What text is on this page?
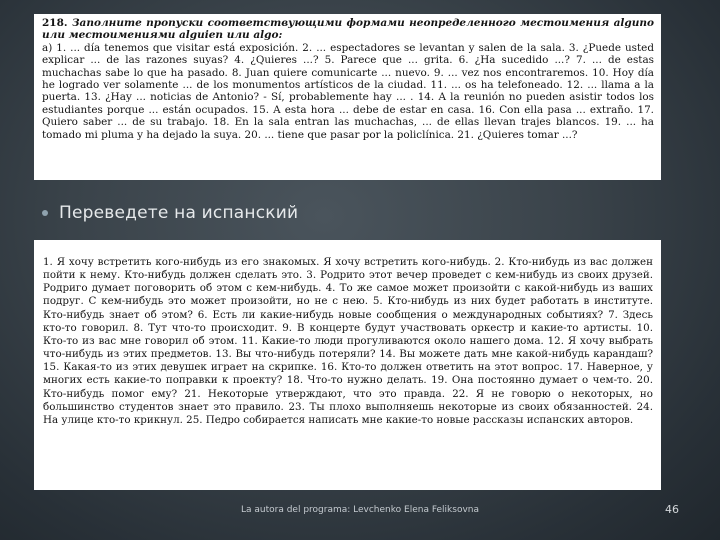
218. Заполните пропуски соответствующими формами неопределенного местоимения alguno или местоимениями alguien или algo:

а) 1. ... día tenemos que visitar está exposición. 2. ... espectadores se levantan y salen de la sala. 3. ¿Puede usted explicar ... de las razones suyas? 4. ¿Quieres ...? 5. Parece que ... grita. 6. ¿Ha sucedido ...? 7. ... de estas muchachas sabe lo que ha pasado. 8. Juan quiere comunicarte ... nuevo. 9. ... vez nos encontraremos. 10. Hoy día he logrado ver solamente ... de los monumentos artísticos de la ciudad. 11. ... os ha telefoneado. 12. ... llama a la puerta. 13. ¿Hay ... noticias de Antonio? - Sí, probablemente hay ... . 14. A la reunión no pueden asistir todos los estudiantes porque ... están ocupados. 15. A esta hora ... debe de estar en casa. 16. Con ella pasa ... extraño. 17. Quiero saber ... de su trabajo. 18. En la sala entran las muchachas, ... de ellas llevan trajes blancos. 19. ... ha tomado mi pluma y ha dejado la suya. 20. ... tiene que pasar por la policlínica. 21. ¿Quieres tomar ...?

Переведете на испанский

1. Я хочу встретить кого-нибудь из его знакомых. Я хочу встретить кого-нибудь. 2. Кто-нибудь из вас должен пойти к нему. Кто-нибудь должен сделать это. 3. Родрито этот вечер проведет с кем-нибудь из своих друзей. Родриго думает поговорить об этом с кем-нибудь. 4. То же самое может произойти с какой-нибудь из ваших подруг. С кем-нибудь это может произойти, но не с нею. 5. Кто-нибудь из них будет работать в институте. Кто-нибудь знает об этом? 6. Есть ли какие-нибудь новые сообщения о международных событиях? 7. Здесь кто-то говорил. 8. Тут что-то происходит. 9. В концерте будут участвовать оркестр и какие-то артисты. 10. Кто-то из вас мне говорил об этом. 11. Какие-то люди прогуливаются около нашего дома. 12. Я хочу выбрать что-нибудь из этих предметов. 13. Вы что-нибудь потеряли? 14. Вы можете дать мне какой-нибудь карандаш? 15. Какая-то из этих девушек играет на скрипке. 16. Кто-то должен ответить на этот вопрос. 17. Наверное, у многих есть какие-то поправки к проекту? 18. Что-то нужно делать. 19. Она постоянно думает о чем-то. 20. Кто-нибудь помог ему? 21. Некоторые утверждают, что это правда. 22. Я не говорю о некоторых, но большинство студентов знает это правило. 23. Ты плохо выполняешь некоторые из своих обязанностей. 24. На улице кто-то крикнул. 25. Педро собирается написать мне какие-то новые рассказы испанских авторов.

La autora del programa: Levchenko Elena Feliksovna	46
